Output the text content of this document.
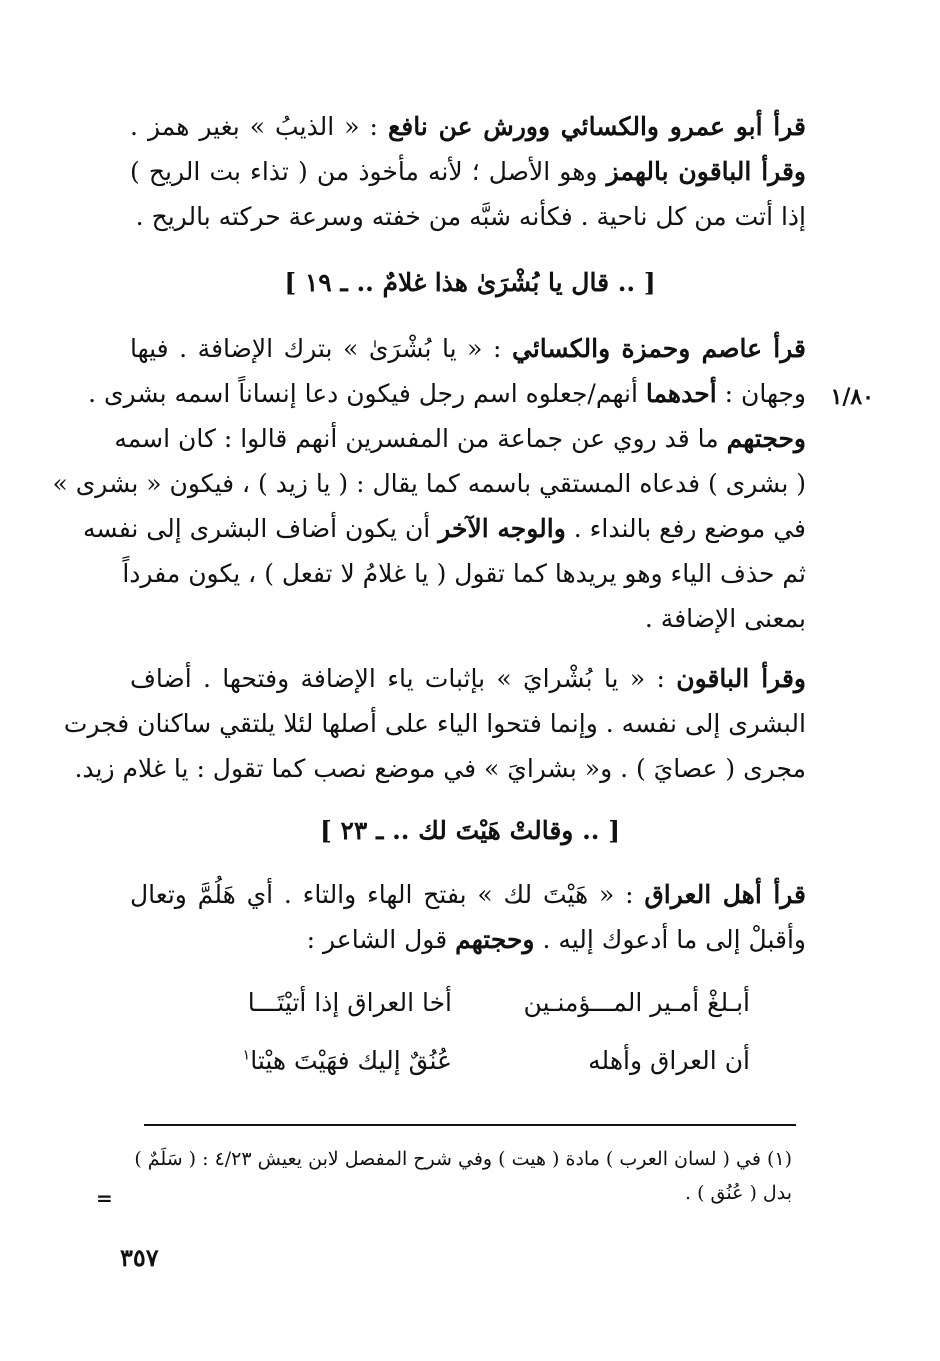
قرأ أبو عمرو والكسائي وورش عن نافع : « الذيبُ » بغير همز .
وقرأ الباقون بالهمز وهو الأصل ؛ لأنه مأخوذ من ( تذاء بت الريح )
إذا أتت من كل ناحية . فكأنه شبَّه من خفته وسرعة حركته بالريح .
[ .. قال يا بُشْرَىٰ هذا غلامٌ .. ـ ١٩ ]
قرأ عاصم وحمزة والكسائي : « يا بُشْرَىٰ » بترك الإضافة . فيها
وجهان : أحدهما أنهم/جعلوه اسم رجل فيكون دعا إنساناً اسمه بشرى .
وحجتهم ما قد روي عن جماعة من المفسرين أنهم قالوا : كان اسمه
( بشرى ) فدعاه المستقي باسمه كما يقال : ( يا زيد ) ، فيكون « بشرى »
في موضع رفع بالنداء . والوجه الآخر أن يكون أضاف البشرى إلى نفسه
ثم حذف الياء وهو يريدها كما تقول ( يا غلامُ لا تفعل ) ، يكون مفرداً
بمعنى الإضافة .
١/٨٠
وقرأ الباقون : « يا بُشْرايَ » بإثبات ياء الإضافة وفتحها . أضاف
البشرى إلى نفسه . وإنما فتحوا الياء على أصلها لئلا يلتقي ساكنان فجرت
مجرى ( عصايَ ) . و« بشرايَ » في موضع نصب كما تقول : يا غلام زيد.
[ .. وقالتْ هَيْتَ لك .. ـ ٢٣ ]
قرأ أهل العراق : « هَيْتَ لك » بفتح الهاء والتاء . أي هَلُمَّ وتعال
وأقبلْ إلى ما أدعوك إليه . وحجتهم قول الشاعر :
أبـلغْ أمـير المـــؤمنـين
أخا العراق إذا أتيْتَـــا
أن العراق وأهله
عُنُقٌ إليك فهَيْتَ هيْتا$^١$
(١) في ( لسان العرب ) مادة ( هيت ) وفي شرح المفصل لابن يعيش ٤/٢٣ : ( سَلَمٌ )
بدل ( عُنُق ) .
=
٣٥٧
